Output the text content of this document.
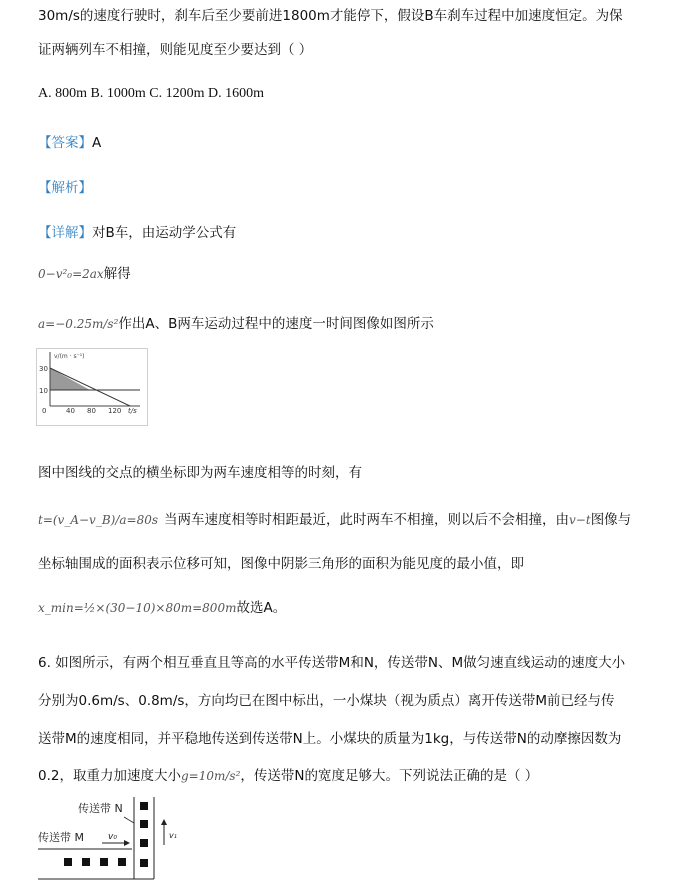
30m/s的速度行驶时，刹车后至少要前进1800m才能停下，假设B车刹车过程中加速度恒定。为保
证两辆列车不相撞，则能见度至少要达到（ ）
A. 800m B. 1000m C. 1200m D. 1600m
【答案】A
【解析】
【详解】对B车，由运动学公式有
0−v²₀=2ax解得
a=−0.25m/s²作出A、B两车运动过程中的速度一时间图像如图所示
v/(m · s⁻¹)
30
10
0	40 80 120 t/s
图中图线的交点的横坐标即为两车速度相等的时刻，有
t=(v_A−v_B)/a=80s 当两车速度相等时相距最近，此时两车不相撞，则以后不会相撞，由v−t图像与
坐标轴围成的面积表示位移可知，图像中阴影三角形的面积为能见度的最小值，即
x_min=½×(30−10)×80m=800m故选A。
6. 如图所示，有两个相互垂直且等高的水平传送带M和N，传送带N、M做匀速直线运动的速度大小
分别为0.6m/s、0.8m/s，方向均已在图中标出，一小煤块（视为质点）离开传送带M前已经与传
送带M的速度相同，并平稳地传送到传送带N上。小煤块的质量为1kg，与传送带N的动摩擦因数为
0.2，取重力加速度大小g=10m/s²，传送带N的宽度足够大。下列说法正确的是（ ）
传送带 N
传送带 M	v₀	v₁
